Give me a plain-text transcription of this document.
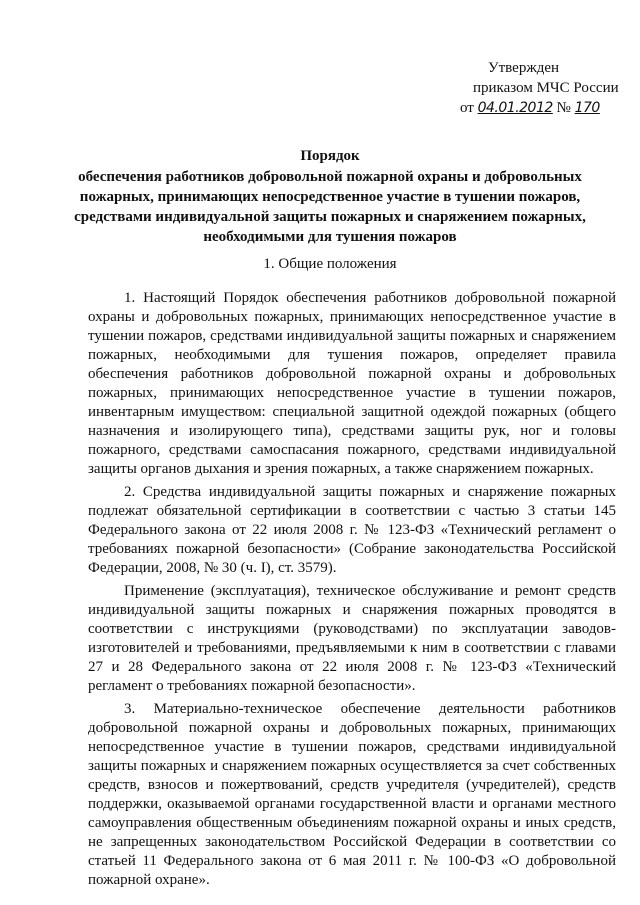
Утвержден
приказом МЧС России
от 04.01.2012 № 170
Порядок
обеспечения работников добровольной пожарной охраны и добровольных
пожарных, принимающих непосредственное участие в тушении пожаров,
средствами индивидуальной защиты пожарных и снаряжением пожарных,
необходимыми для тушения пожаров
1. Общие положения

1. Настоящий Порядок обеспечения работников добровольной пожарной охраны и добровольных пожарных, принимающих непосредственное участие в тушении пожаров, средствами индивидуальной защиты пожарных и снаряжением пожарных, необходимыми для тушения пожаров, определяет правила обеспечения работников добровольной пожарной охраны и добровольных пожарных, принимающих непосредственное участие в тушении пожаров, инвентарным имуществом: специальной защитной одеждой пожарных (общего назначения и изолирующего типа), средствами защиты рук, ног и головы пожарного, средствами самоспасания пожарного, средствами индивидуальной защиты органов дыхания и зрения пожарных, а также снаряжением пожарных.

2. Средства индивидуальной защиты пожарных и снаряжение пожарных подлежат обязательной сертификации в соответствии с частью 3 статьи 145 Федерального закона от 22 июля 2008 г. № 123-ФЗ «Технический регламент о требованиях пожарной безопасности» (Собрание законодательства Российской Федерации, 2008, № 30 (ч. I), ст. 3579).

Применение (эксплуатация), техническое обслуживание и ремонт средств индивидуальной защиты пожарных и снаряжения пожарных проводятся в соответствии с инструкциями (руководствами) по эксплуатации заводов-изготовителей и требованиями, предъявляемыми к ним в соответствии с главами 27 и 28 Федерального закона от 22 июля 2008 г. № 123-ФЗ «Технический регламент о требованиях пожарной безопасности».

3. Материально-техническое обеспечение деятельности работников добровольной пожарной охраны и добровольных пожарных, принимающих непосредственное участие в тушении пожаров, средствами индивидуальной защиты пожарных и снаряжением пожарных осуществляется за счет собственных средств, взносов и пожертвований, средств учредителя (учредителей), средств поддержки, оказываемой органами государственной власти и органами местного самоуправления общественным объединениям пожарной охраны и иных средств, не запрещенных законодательством Российской Федерации в соответствии со статьей 11 Федерального закона от 6 мая 2011 г. № 100-ФЗ «О добровольной пожарной охране».
